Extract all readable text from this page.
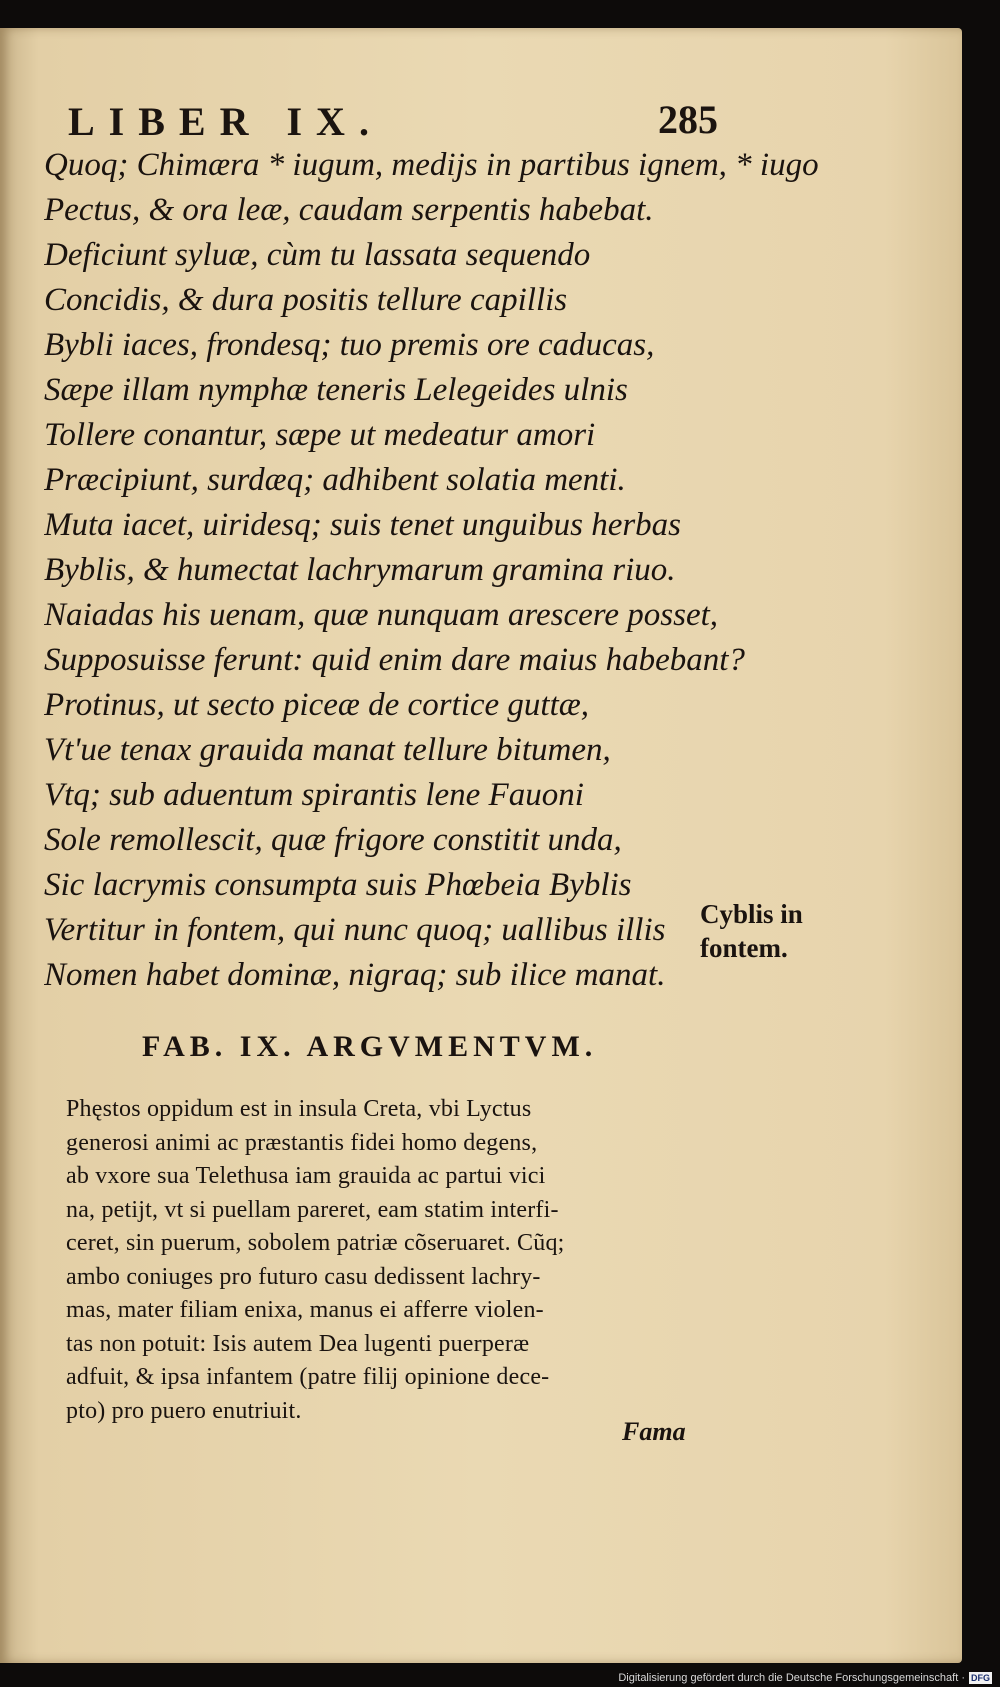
LIBER IX.	285
Quoq; Chimæra * iugum, medijs in partibus ignem, * iugo
Pectus, & ora leæ, caudam serpentis habebat.
Deficiunt syluæ, cùm tu lassata sequendo
Concidis, & dura positis tellure capillis
Bybli iaces, frondesq; tuo premis ore caducas,
Sæpe illam nymphæ teneris Lelegeides ulnis
Tollere conantur, sæpe ut medeatur amori
Præcipiunt, surdæq; adhibent solatia menti.
Muta iacet, uiridesq; suis tenet unguibus herbas
Byblis, & humectat lachrymarum gramina riuo.
Naiadas his uenam, quæ nunquam arescere posset,
Supposuisse ferunt: quid enim dare maius habebant?
Protinus, ut secto piceæ de cortice guttæ,
Vt'ue tenax grauida manat tellure bitumen,
Vtq; sub aduentum spirantis lene Fauoni
Sole remollescit, quæ frigore constitit unda,
Sic lacrymis consumpta suis Phœbeia Byblis
Vertitur in fontem, qui nunc quoq; uallibus illis
Nomen habet dominæ, nigraq; sub ilice manat.
Cyblis in
fontem.
FAB. IX. ARGVMENTVM.
Phęstos oppidum est in insula Creta, vbi Lyctus
generosi animi ac præstantis fidei homo degens,
ab vxore sua Telethusa iam grauida ac partui vici
na, petijt, vt si puellam pareret, eam statim interfi-
ceret, sin puerum, sobolem patriæ cõseruaret. Cũq;
ambo coniuges pro futuro casu dedissent lachry-
mas, mater filiam enixa, manus ei afferre violen-
tas non potuit: Isis autem Dea lugenti puerperæ
adfuit, & ipsa infantem (patre filij opinione dece-
pto) pro puero enutriuit.
Fama
Digitalisierung gefördert durch die Deutsche Forschungsgemeinschaft · DFG
